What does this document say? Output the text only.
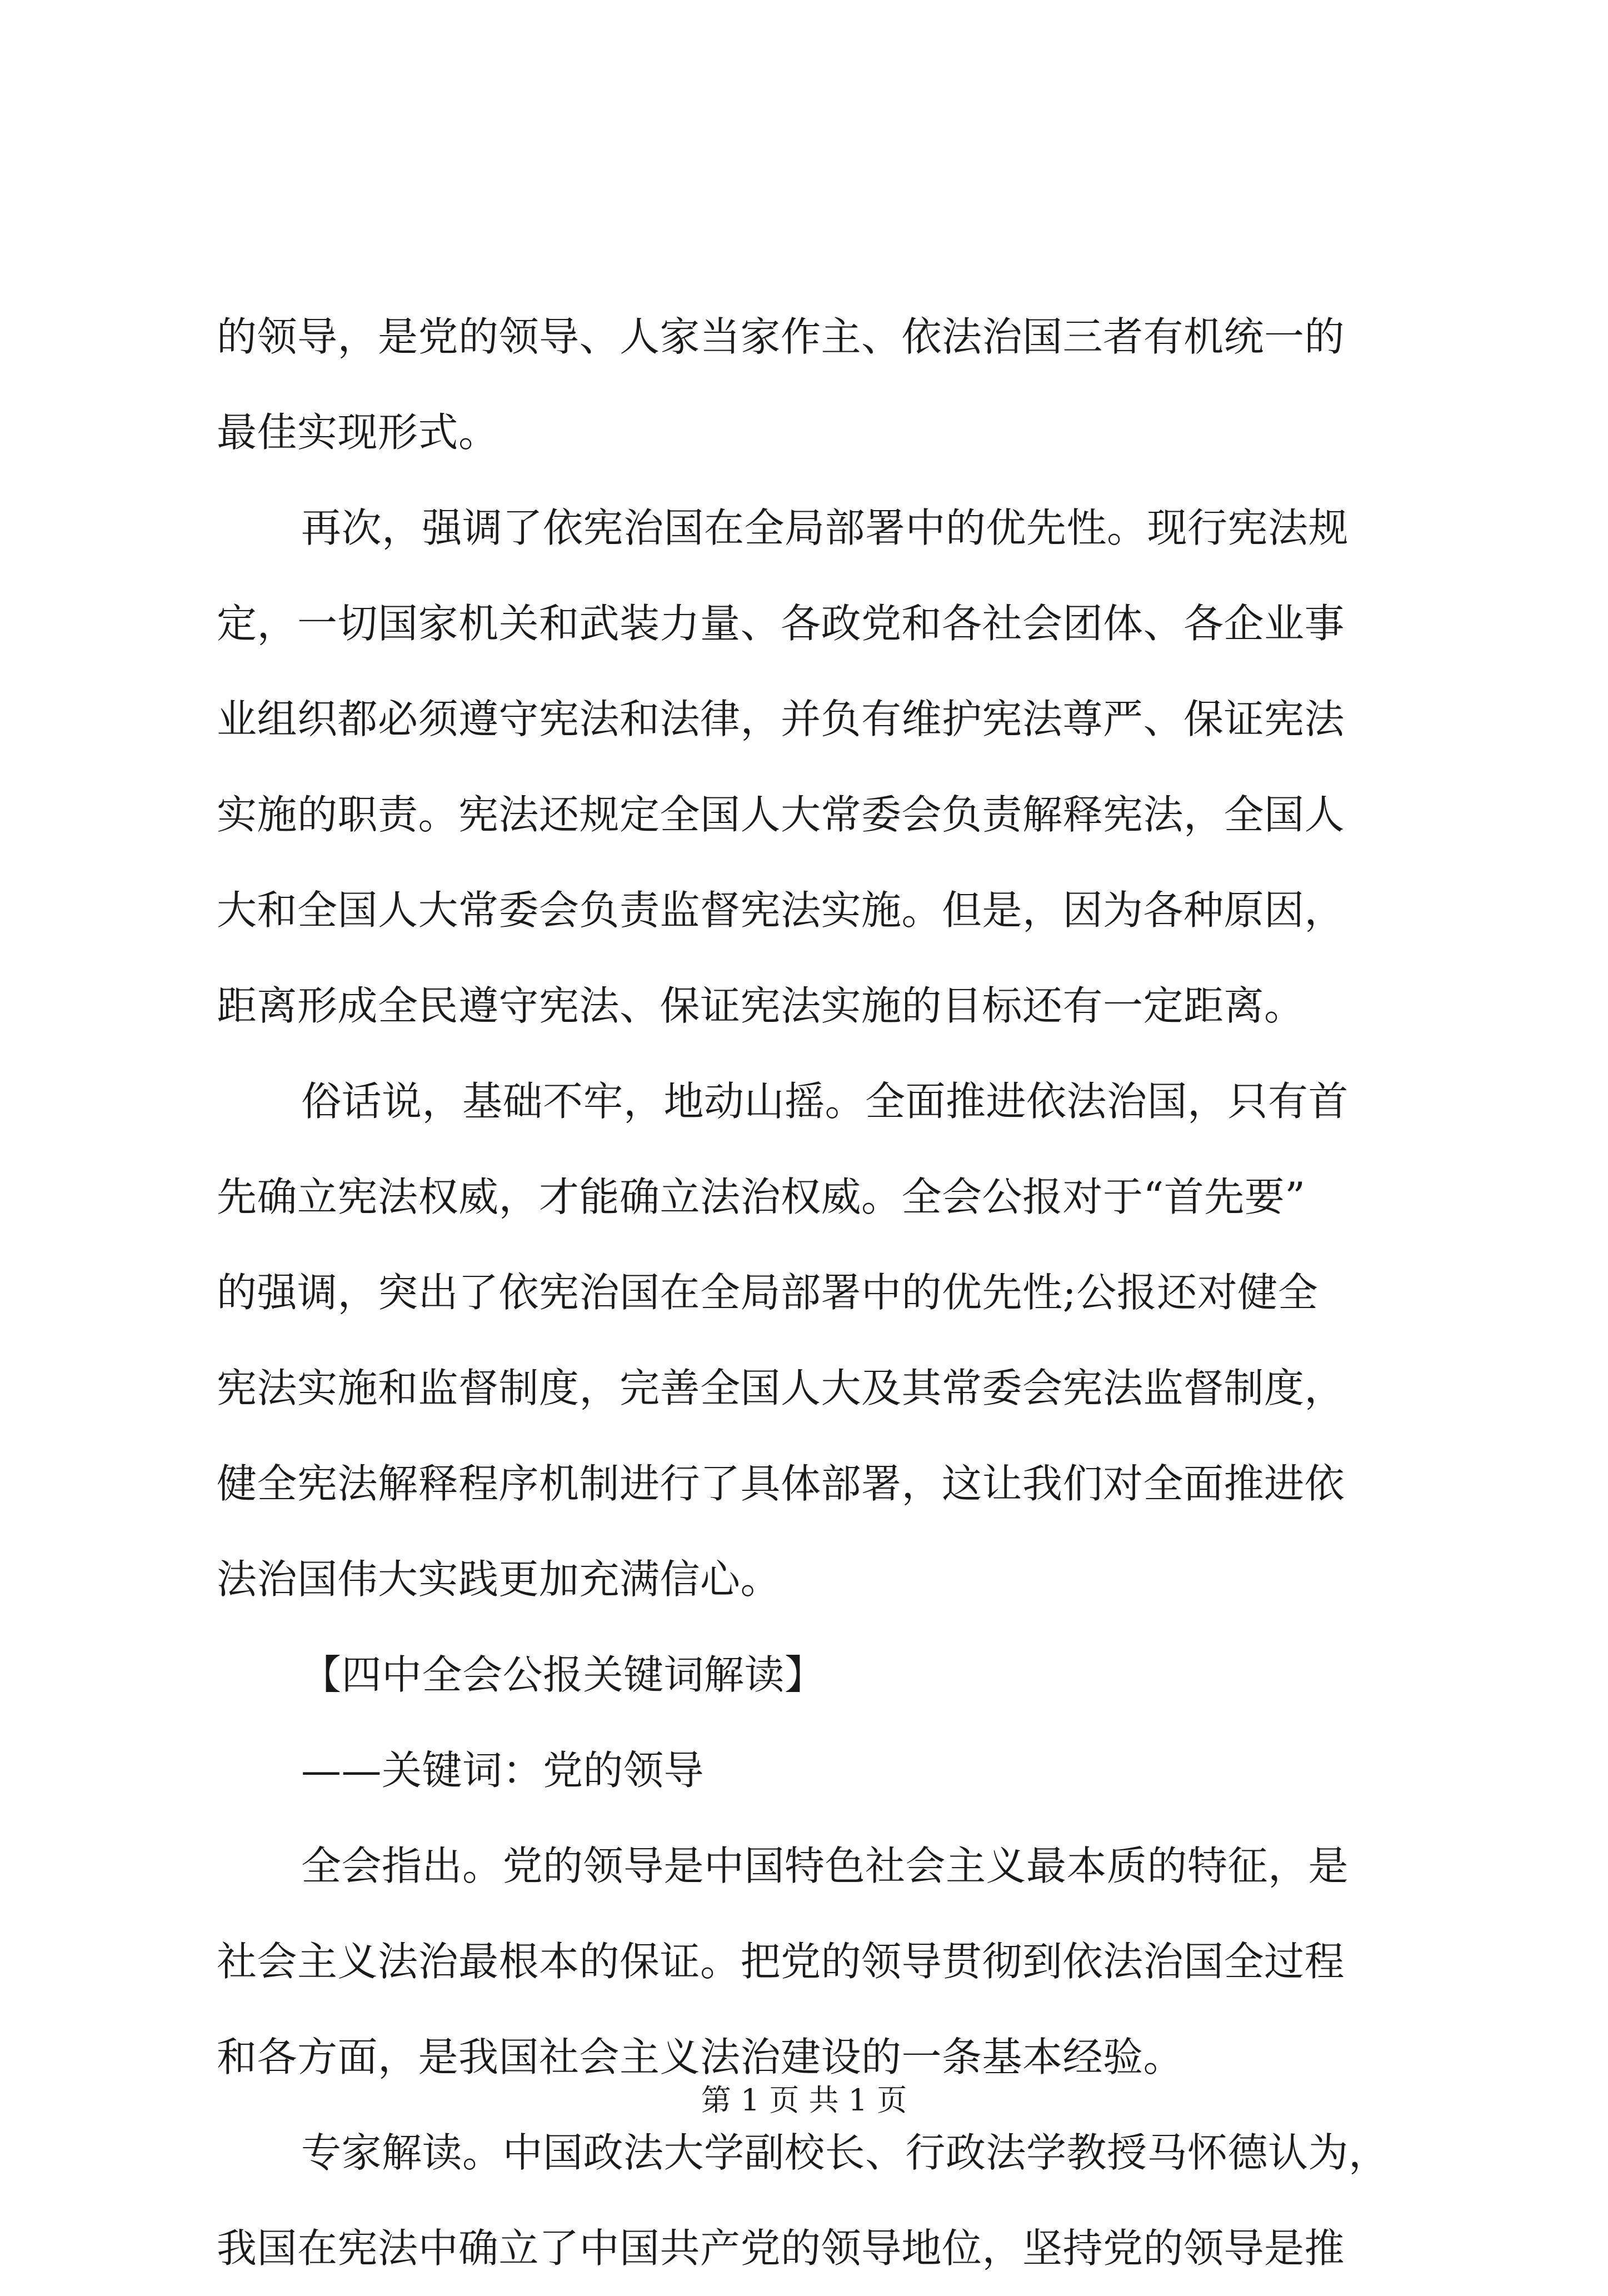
的领导，是党的领导、人家当家作主、依法治国三者有机统一的
最佳实现形式。
再次，强调了依宪治国在全局部署中的优先性。现行宪法规
定，一切国家机关和武装力量、各政党和各社会团体、各企业事
业组织都必须遵守宪法和法律，并负有维护宪法尊严、保证宪法
实施的职责。宪法还规定全国人大常委会负责解释宪法，全国人
大和全国人大常委会负责监督宪法实施。但是，因为各种原因，
距离形成全民遵守宪法、保证宪法实施的目标还有一定距离。
俗话说，基础不牢，地动山摇。全面推进依法治国，只有首
先确立宪法权威，才能确立法治权威。全会公报对于“首先要”
的强调，突出了依宪治国在全局部署中的优先性;公报还对健全
宪法实施和监督制度，完善全国人大及其常委会宪法监督制度，
健全宪法解释程序机制进行了具体部署，这让我们对全面推进依
法治国伟大实践更加充满信心。
【四中全会公报关键词解读】
——关键词：党的领导
全会指出。党的领导是中国特色社会主义最本质的特征，是
社会主义法治最根本的保证。把党的领导贯彻到依法治国全过程
和各方面，是我国社会主义法治建设的一条基本经验。
专家解读。中国政法大学副校长、行政法学教授马怀德认为，
我国在宪法中确立了中国共产党的领导地位，坚持党的领导是推
第 1 页 共 1 页
